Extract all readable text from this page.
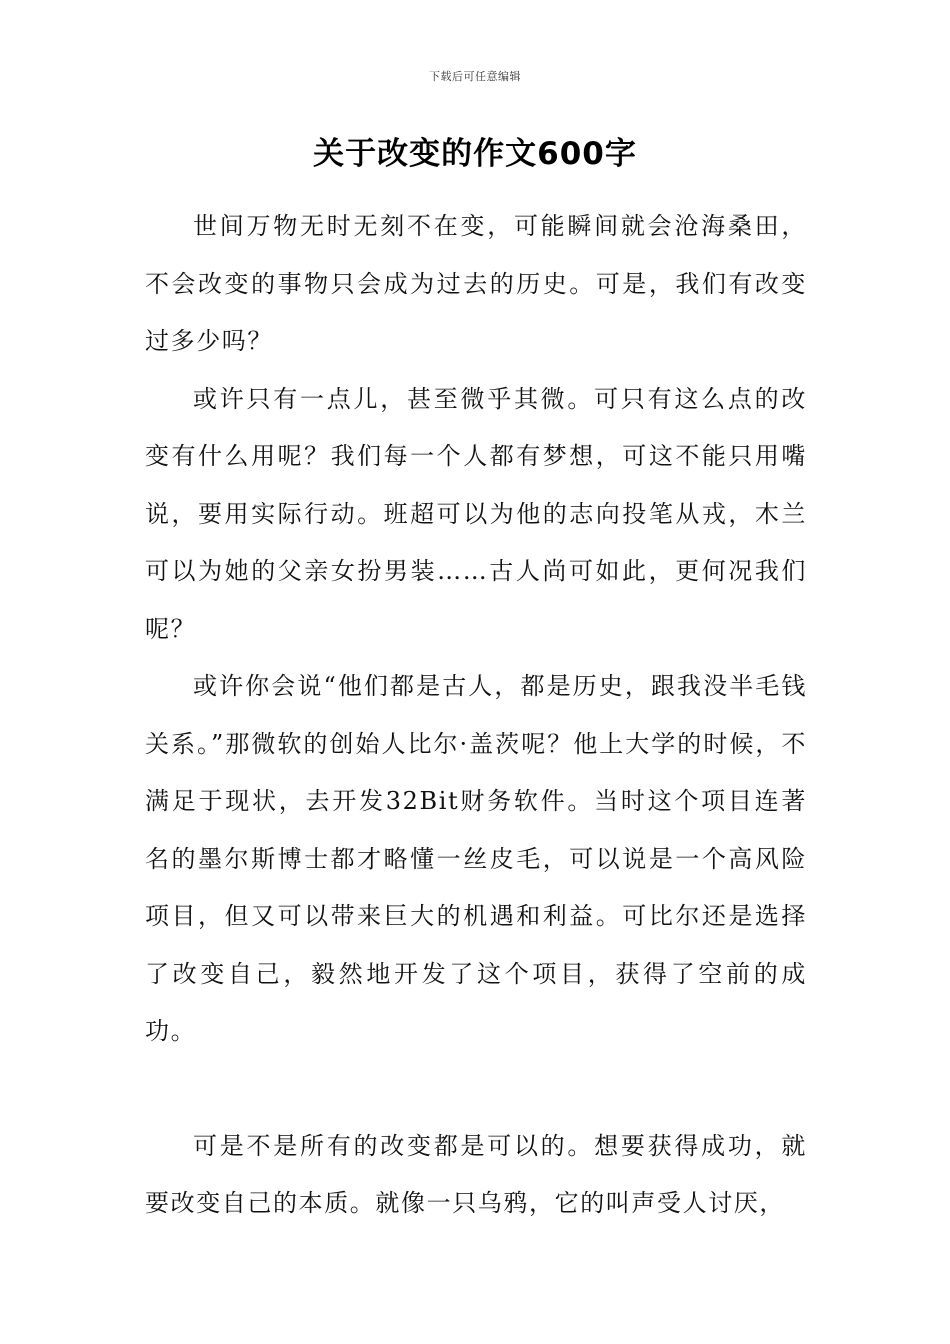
下载后可任意编辑
关于改变的作文600字

世间万物无时无刻不在变，可能瞬间就会沧海桑田，不会改变的事物只会成为过去的历史。可是，我们有改变过多少吗？

或许只有一点儿，甚至微乎其微。可只有这么点的改变有什么用呢？我们每一个人都有梦想，可这不能只用嘴说，要用实际行动。班超可以为他的志向投笔从戎，木兰可以为她的父亲女扮男装……古人尚可如此，更何况我们呢？

或许你会说“他们都是古人，都是历史，跟我没半毛钱关系。”那微软的创始人比尔·盖茨呢？他上大学的时候，不满足于现状，去开发32Bit财务软件。当时这个项目连著名的墨尔斯博士都才略懂一丝皮毛，可以说是一个高风险项目，但又可以带来巨大的机遇和利益。可比尔还是选择了改变自己，毅然地开发了这个项目，获得了空前的成功。

可是不是所有的改变都是可以的。想要获得成功，就要改变自己的本质。就像一只乌鸦，它的叫声受人讨厌，
